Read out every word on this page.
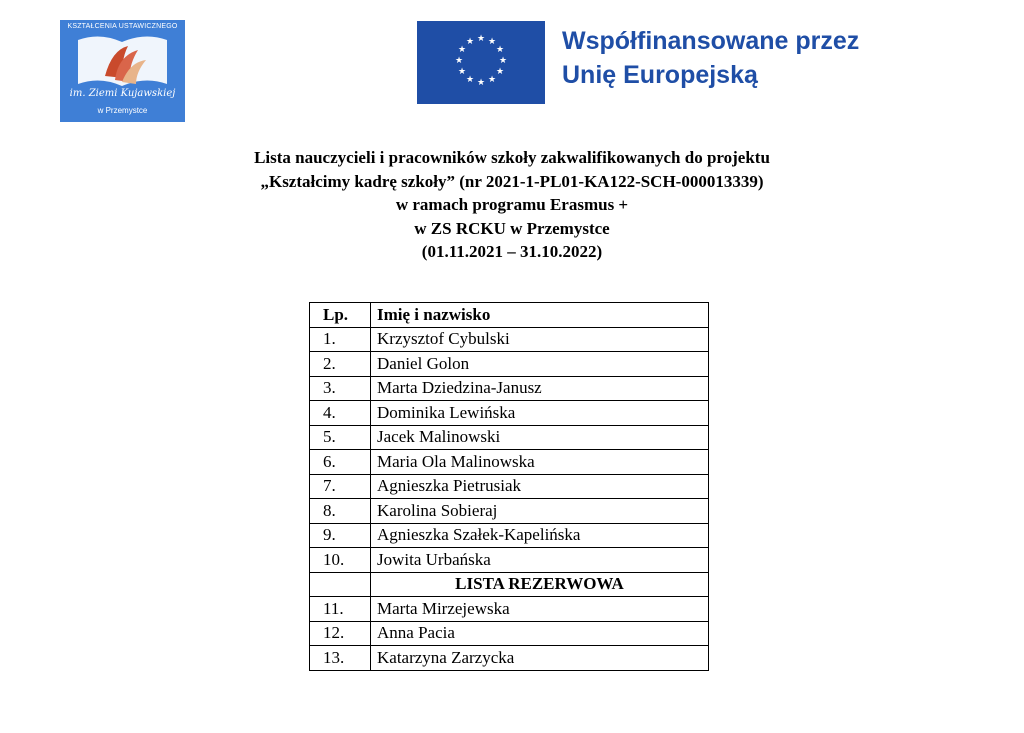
KSZTAŁCENIA USTAWICZNEGO
im. Ziemi Kujawskiej
w Przemystce
★ ★
★
★
★
★
★
★
★
★
★
★	Współfinansowane przez
Unię Europejską
Lista nauczycieli i pracowników szkoły zakwalifikowanych do projektu
„Kształcimy kadrę szkoły” (nr 2021-1-PL01-KA122-SCH-000013339)
w ramach programu Erasmus +
w ZS RCKU w Przemystce
(01.11.2021 – 31.10.2022)
Lp.	Imię i nazwisko
1.	Krzysztof Cybulski
2.	Daniel Golon
3.	Marta Dziedzina-Janusz
4.	Dominika Lewińska
5.	Jacek Malinowski
6.	Maria Ola Malinowska
7.	Agnieszka Pietrusiak
8.	Karolina Sobieraj
9.	Agnieszka Szałek-Kapelińska
10.	Jowita Urbańska
	LISTA REZERWOWA
11.	Marta Mirzejewska
12.	Anna Pacia
13.	Katarzyna Zarzycka
